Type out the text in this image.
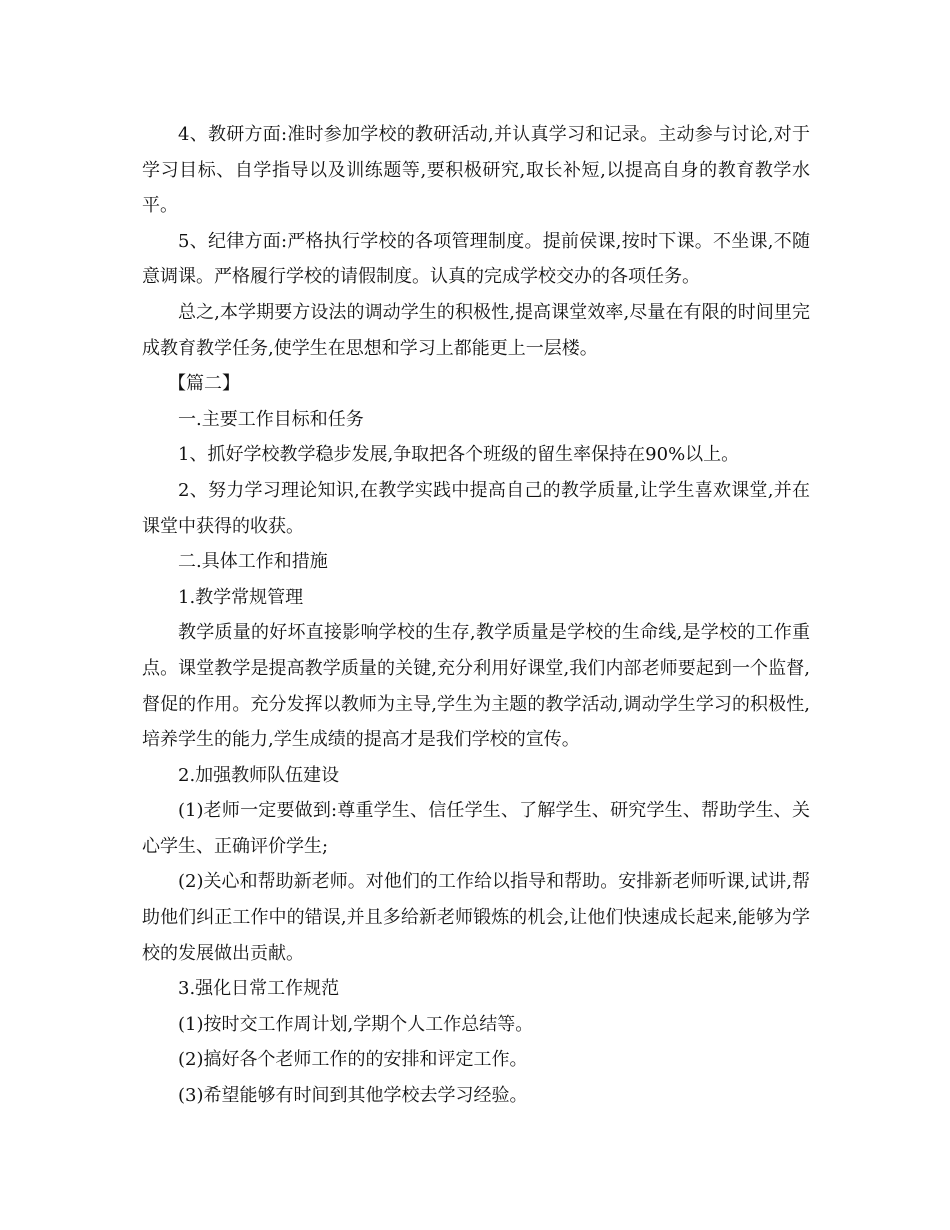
4、教研方面:准时参加学校的教研活动,并认真学习和记录。主动参与讨论,对于学习目标、自学指导以及训练题等,要积极研究,取长补短,以提高自身的教育教学水平。

5、纪律方面:严格执行学校的各项管理制度。提前侯课,按时下课。不坐课,不随意调课。严格履行学校的请假制度。认真的完成学校交办的各项任务。

总之,本学期要方设法的调动学生的积极性,提高课堂效率,尽量在有限的时间里完成教育教学任务,使学生在思想和学习上都能更上一层楼。

【篇二】

一.主要工作目标和任务

1、抓好学校教学稳步发展,争取把各个班级的留生率保持在90%以上。

2、努力学习理论知识,在教学实践中提高自己的教学质量,让学生喜欢课堂,并在课堂中获得的收获。

二.具体工作和措施

1.教学常规管理

教学质量的好坏直接影响学校的生存,教学质量是学校的生命线,是学校的工作重点。课堂教学是提高教学质量的关键,充分利用好课堂,我们内部老师要起到一个监督,督促的作用。充分发挥以教师为主导,学生为主题的教学活动,调动学生学习的积极性,培养学生的能力,学生成绩的提高才是我们学校的宣传。

2.加强教师队伍建设

(1)老师一定要做到:尊重学生、信任学生、了解学生、研究学生、帮助学生、关心学生、正确评价学生;

(2)关心和帮助新老师。对他们的工作给以指导和帮助。安排新老师听课,试讲,帮助他们纠正工作中的错误,并且多给新老师锻炼的机会,让他们快速成长起来,能够为学校的发展做出贡献。

3.强化日常工作规范

(1)按时交工作周计划,学期个人工作总结等。

(2)搞好各个老师工作的的安排和评定工作。

(3)希望能够有时间到其他学校去学习经验。
